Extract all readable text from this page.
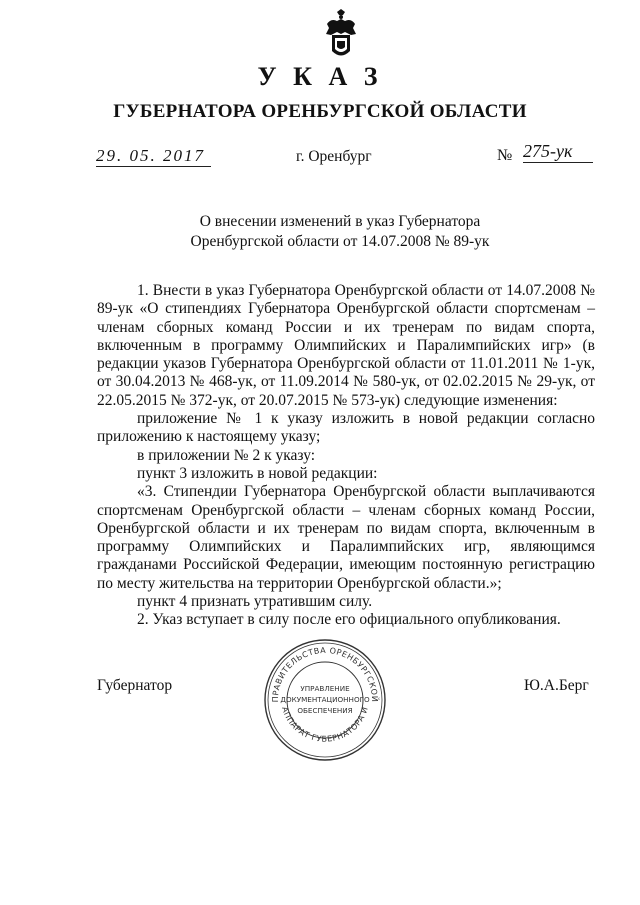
У К А З
ГУБЕРНАТОРА ОРЕНБУРГСКОЙ ОБЛАСТИ
29. 05. 2017	г. Оренбург	№ 275-ук
О внесении изменений в указ Губернатора
Оренбургской области от 14.07.2008 № 89-ук

1. Внести в указ Губернатора Оренбургской области от 14.07.2008 № 89-ук «О стипендиях Губернатора Оренбургской области спортсменам – членам сборных команд России и их тренерам по видам спорта, включенным в программу Олимпийских и Паралимпийских игр» (в редакции указов Губернатора Оренбургской области от 11.01.2011 № 1-ук, от 30.04.2013 № 468-ук, от 11.09.2014 № 580-ук, от 02.02.2015 № 29-ук, от 22.05.2015 № 372-ук, от 20.07.2015 № 573-ук) следующие изменения:

приложение № 1 к указу изложить в новой редакции согласно приложению к настоящему указу;

в приложении № 2 к указу:

пункт 3 изложить в новой редакции:

«3. Стипендии Губернатора Оренбургской области выплачиваются спортсменам Оренбургской области – членам сборных команд России, Оренбургской области и их тренерам по видам спорта, включенным в программу Олимпийских и Паралимпийских игр, являющимся гражданами Российской Федерации, имеющим постоянную регистрацию по месту жительства на территории Оренбургской области.»;

пункт 4 признать утратившим силу.

2. Указ вступает в силу после его официального опубликования.

Губернатор	Ю.А.Берг
ПРАВИТЕЛЬСТВА ОРЕНБУРГСКОЙ
АППАРАТ ГУБЕРНАТОРА И
УПРАВЛЕНИЕ
ДОКУМЕНТАЦИОННОГО
ОБЕСПЕЧЕНИЯ
